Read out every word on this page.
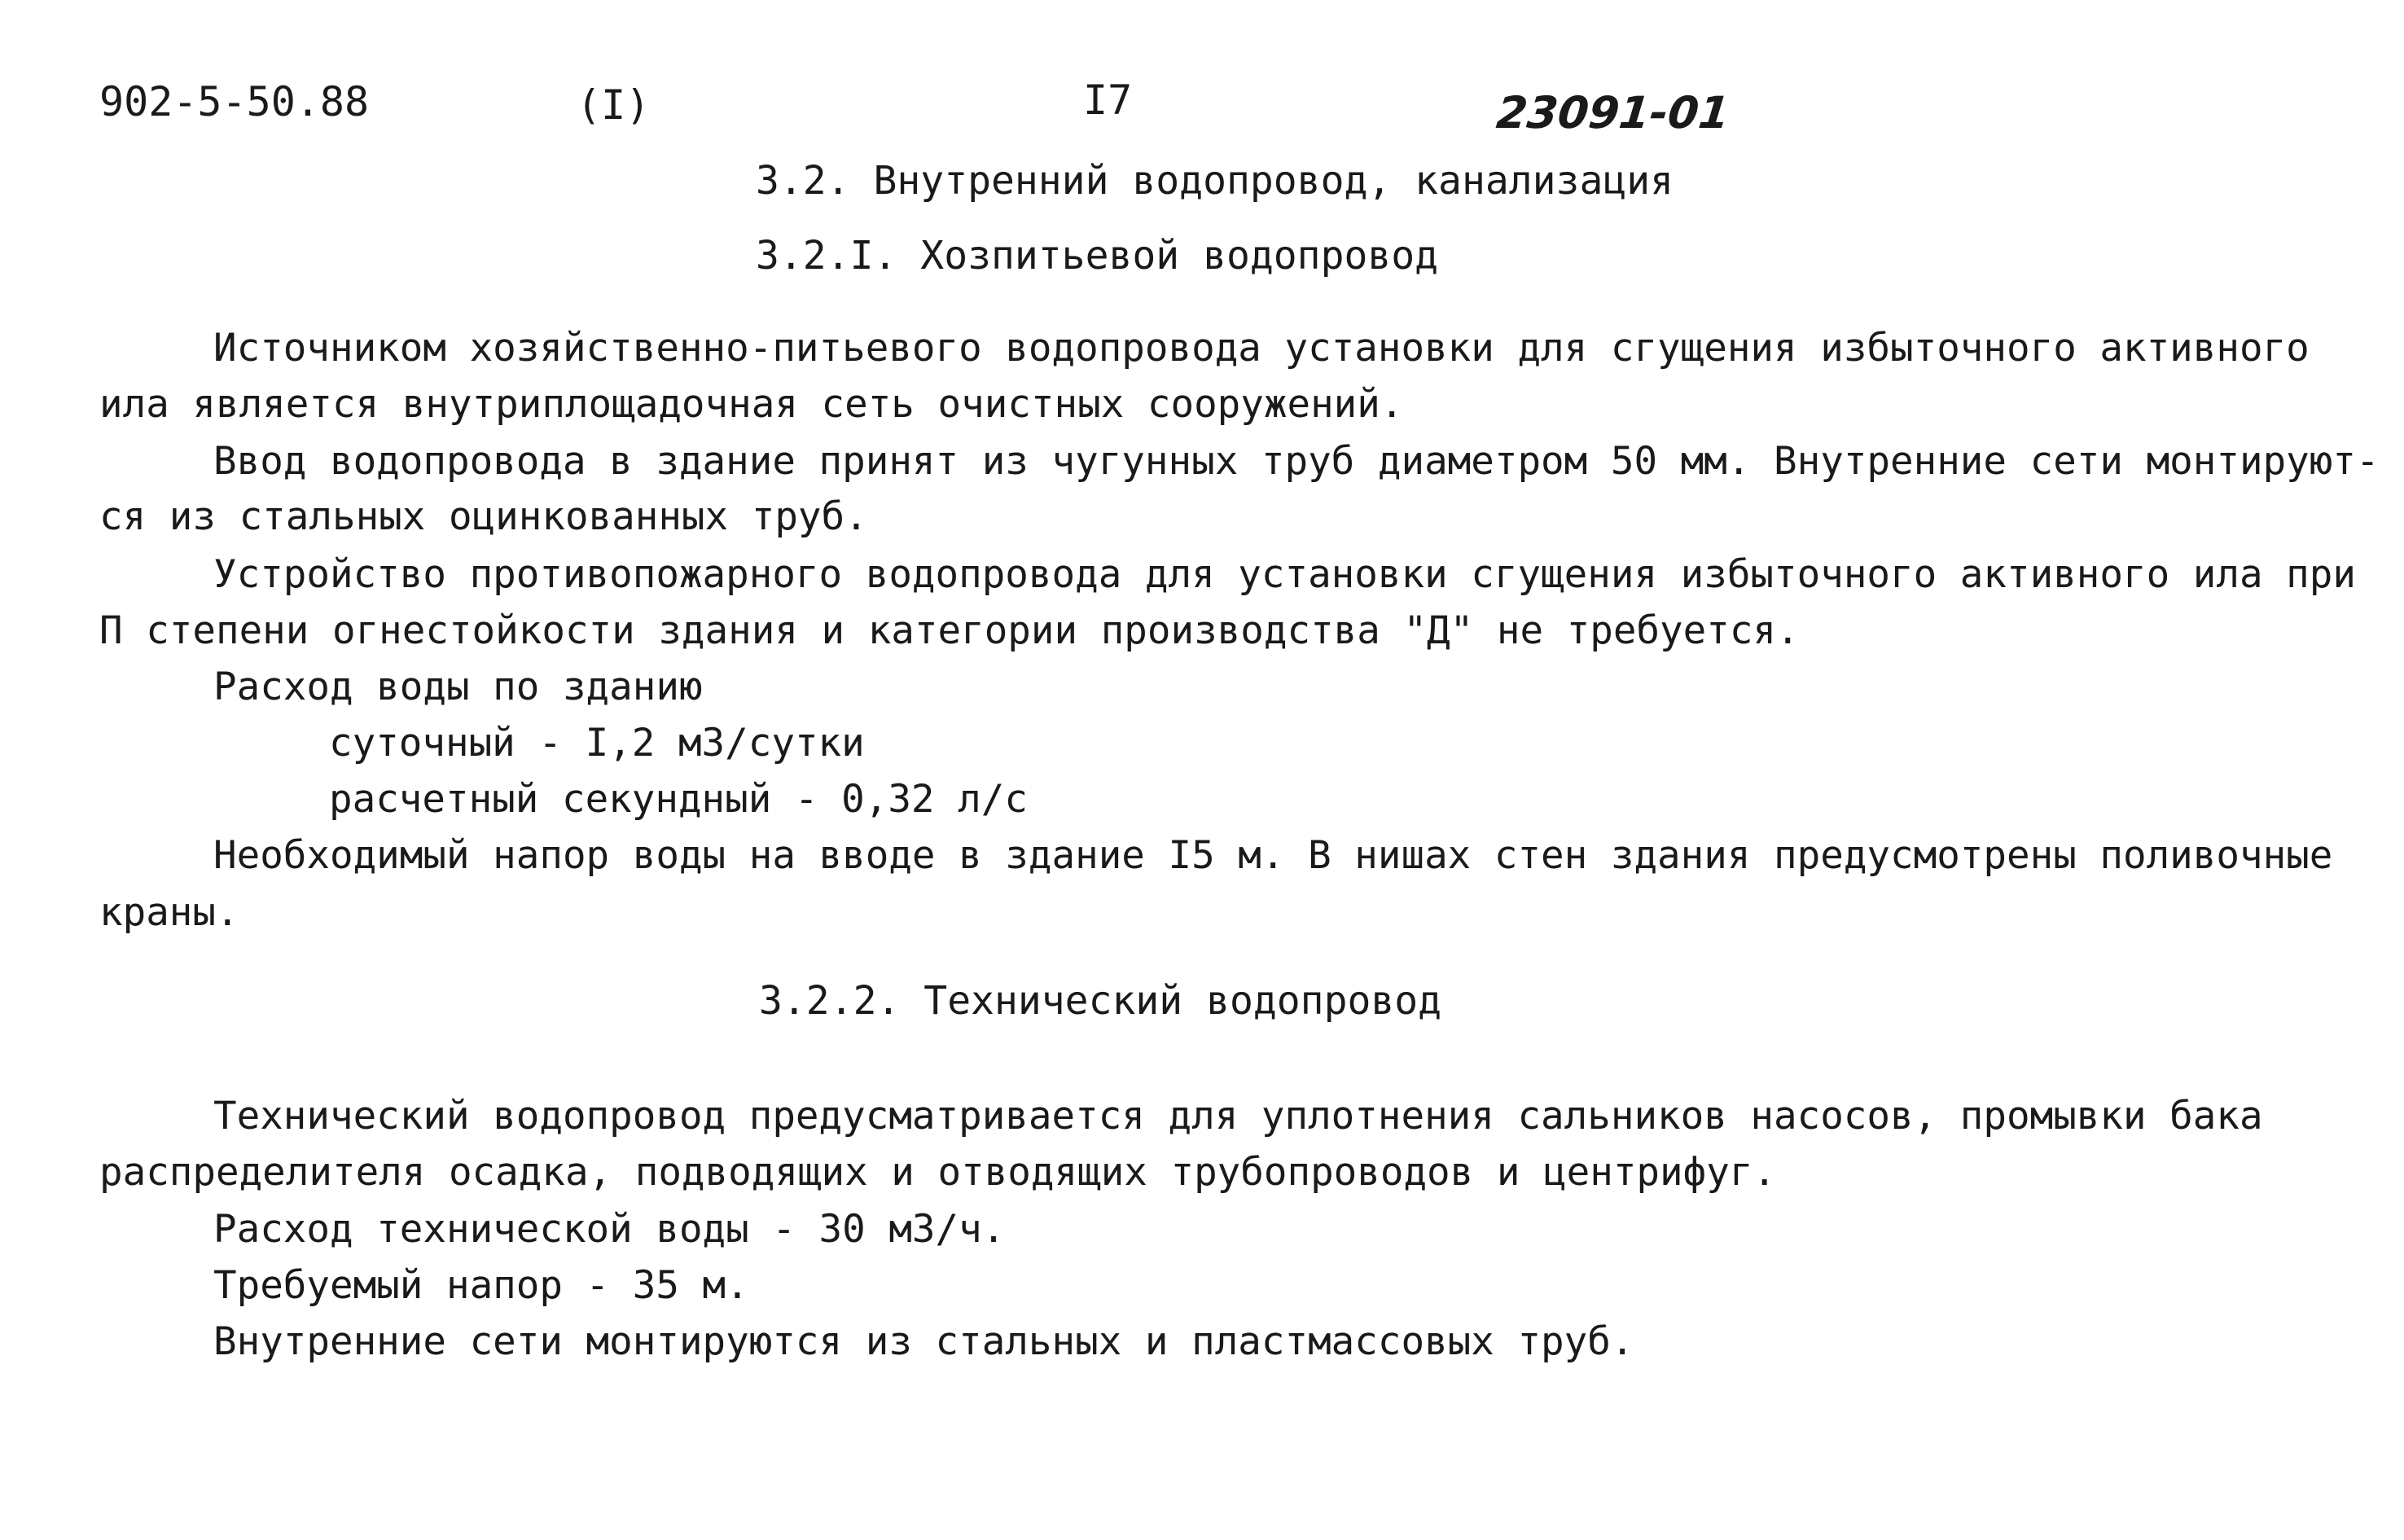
902-5-50.88	(I)	I7	23091-01
3.2. Внутренний водопровод, канализация
3.2.I. Хозпитьевой водопровод
Источником хозяйственно-питьевого водопровода установки для сгущения избыточного активного
ила является внутриплощадочная сеть очистных сооружений.
Ввод водопровода в здание принят из чугунных труб диаметром 50 мм. Внутренние сети монтируют-
ся из стальных оцинкованных труб.
Устройство противопожарного водопровода для установки сгущения избыточного активного ила при
П степени огнестойкости здания и категории производства "Д" не требуется.
Расход воды по зданию
суточный - I,2 м3/сутки
расчетный секундный - 0,32 л/с
Необходимый напор воды на вводе в здание I5 м. В нишах стен здания предусмотрены поливочные
краны.
3.2.2. Технический водопровод
Технический водопровод предусматривается для уплотнения сальников насосов, промывки бака
распределителя осадка, подводящих и отводящих трубопроводов и центрифуг.
Расход технической воды - 30 м3/ч.
Требуемый напор - 35 м.
Внутренние сети монтируются из стальных и пластмассовых труб.
